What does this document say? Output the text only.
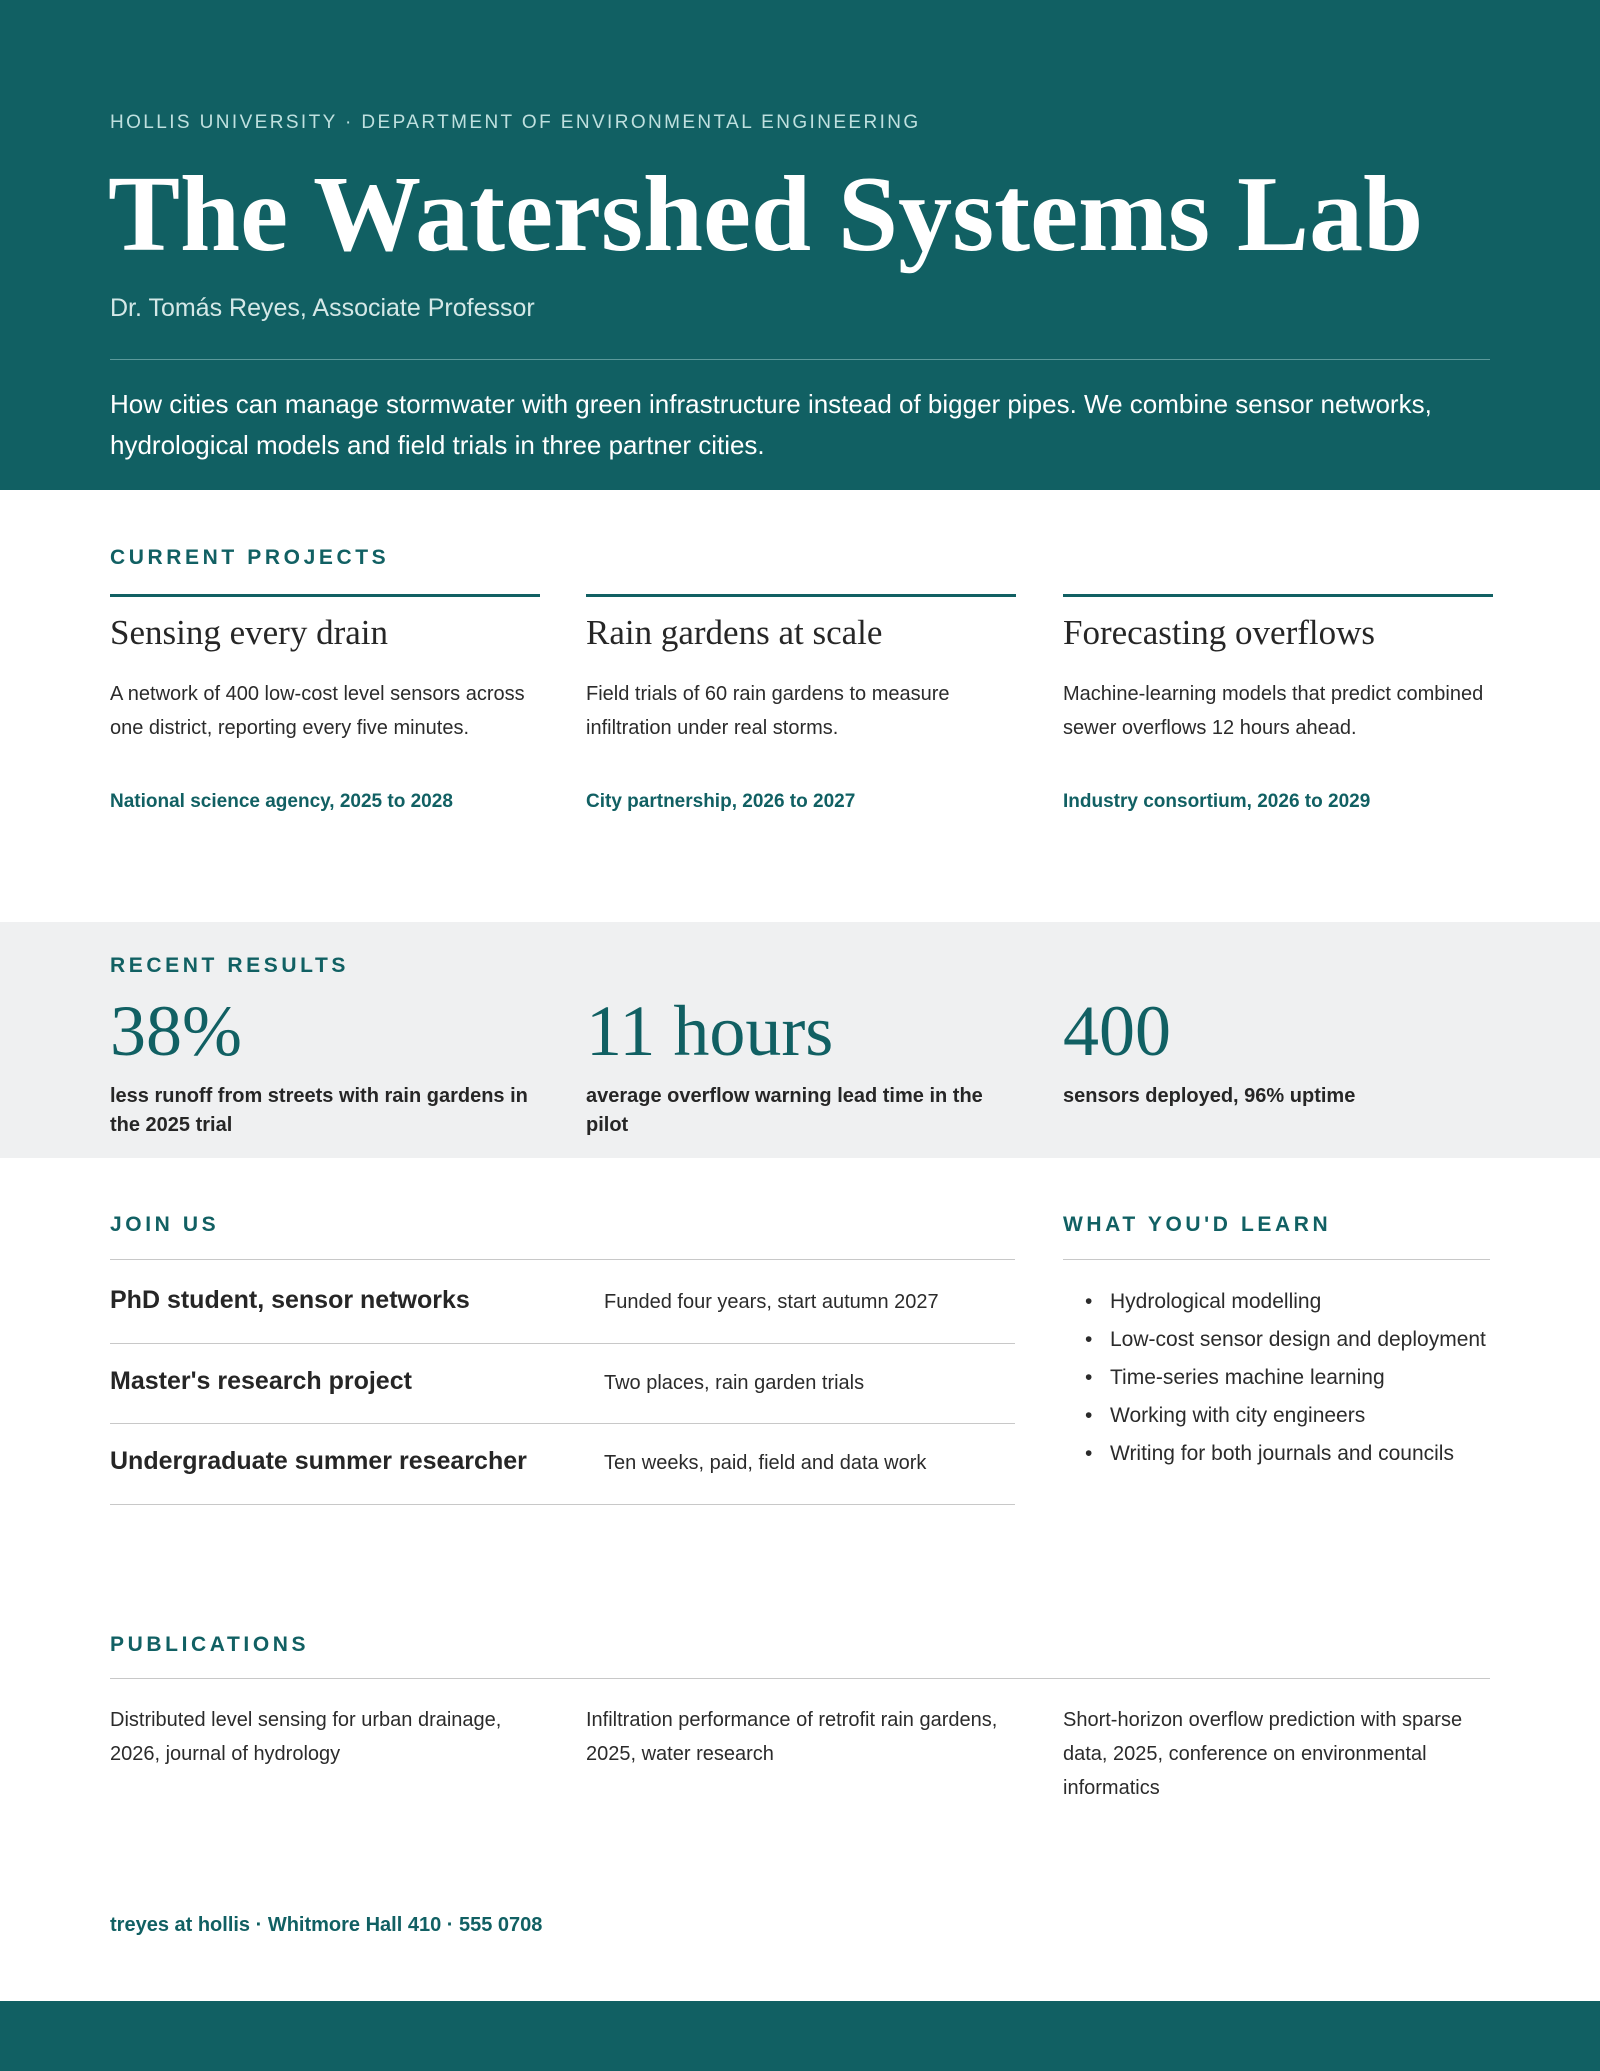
HOLLIS UNIVERSITY · DEPARTMENT OF ENVIRONMENTAL ENGINEERING
The Watershed Systems Lab
Dr. Tomás Reyes, Associate Professor

How cities can manage stormwater with green infrastructure instead of bigger pipes. We combine sensor networks, hydrological models and field trials in three partner cities.

CURRENT PROJECTS
Sensing every drain

A network of 400 low-cost level sensors across one district, reporting every five minutes.

National science agency, 2025 to 2028

Rain gardens at scale

Field trials of 60 rain gardens to measure infiltration under real storms.

City partnership, 2026 to 2027

Forecasting overflows

Machine-learning models that predict combined sewer overflows 12 hours ahead.

Industry consortium, 2026 to 2029

RECENT RESULTS
38%
less runoff from streets with rain gardens in the 2025 trial
11 hours
average overflow warning lead time in the pilot
400
sensors deployed, 96% uptime
JOIN US
PhD student, sensor networks	Funded four years, start autumn 2027
Master's research project	Two places, rain garden trials
Undergraduate summer researcher	Ten weeks, paid, field and data work
WHAT YOU'D LEARN
• Hydrological modelling
• Low-cost sensor design and deployment
• Time-series machine learning
• Working with city engineers
• Writing for both journals and councils
PUBLICATIONS
Distributed level sensing for urban drainage, 2026, journal of hydrology
Infiltration performance of retrofit rain gardens, 2025, water research
Short-horizon overflow prediction with sparse data, 2025, conference on environmental informatics
treyes at hollis · Whitmore Hall 410 · 555 0708
